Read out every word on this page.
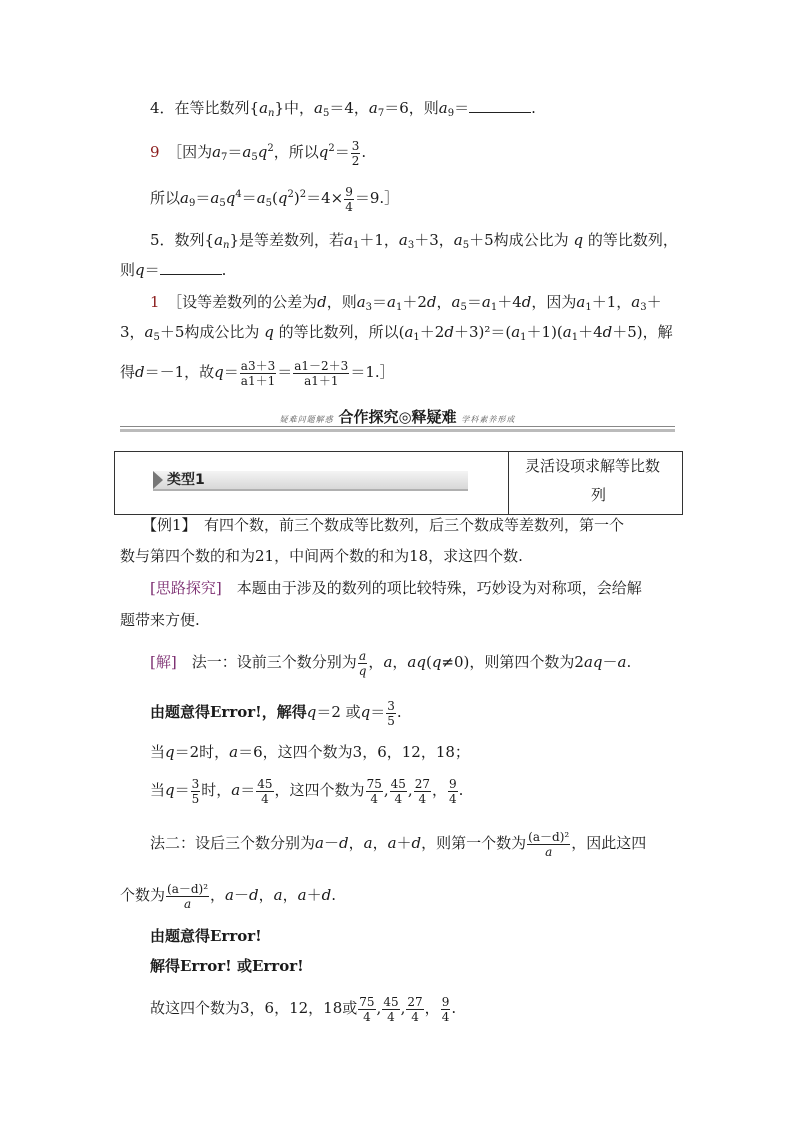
4．在等比数列$\{a_n\}$中，$a_5=4$，$a_7=6$，则$a_9=$	.
9　 ［因为$a_7=a_5q^2$，所以$q^2= \frac{3}{2}$ .
所以$a_9=a_5q^4=a_5(q^2)^2=4\times \frac{9}{4}$ ＝9.］
5．数列$\{a_n\}$是等差数列，若$a_1+1$，$a_3+3$，$a_5+5$构成公比为 q 的等比数列，
则q＝	.
1　 ［设等差数列的公差为d，则$a_3=a_1+2d$，$a_5=a_1+4d$，因为$a_1+1$，$a_3+$
3，$a_5+5$构成公比为 q 的等比数列，所以$(a_1+2d+3)^2=(a_1+1)(a_1+4d+5)$，解
得d＝－1，故$q= \frac{a3+3}{a1+1} = \frac{a1-2+3}{a1+1}$ ＝1.］
疑难问题解惑 合作探究◎释疑难 学科素养形成
类型1
灵活设项求解等比数
列
【例1】　有四个数，前三个数成等比数列，后三个数成等差数列，第一个
数与第四个数的和为21，中间两个数的和为18，求这四个数.
[思路探究]　本题由于涉及的数列的项比较特殊，巧妙设为对称项，会给解
题带来方便.
[解]　法一：设前三个数分别为 $\frac{a}{q}$ ，a，aq(q≠0)，则第四个数为2aq－a.
由题意得Error!，解得q＝2 或$q= \frac{3}{5}$ .
当q＝2时，a＝6，这四个数为3，6，12，18；
当$q= \frac{3}{5}$ 时，$a= \frac{45}{4}$ ，这四个数为 $\frac{75}{4}$ , $\frac{45}{4}$ , $\frac{27}{4}$ ， $\frac{9}{4}$ .
法二：设后三个数分别为a－d，a，a＋d，则第一个数为 $\frac{\text{(a－d)²}}{a}$ ，因此这四
个数为 $\frac{\text{(a－d)²}}{a}$ ，a－d，a，a＋d.
由题意得Error!
解得Error! 或Error!
故这四个数为3，6，12，18或 $\frac{75}{4}$ , $\frac{45}{4}$ , $\frac{27}{4}$ ， $\frac{9}{4}$ .
